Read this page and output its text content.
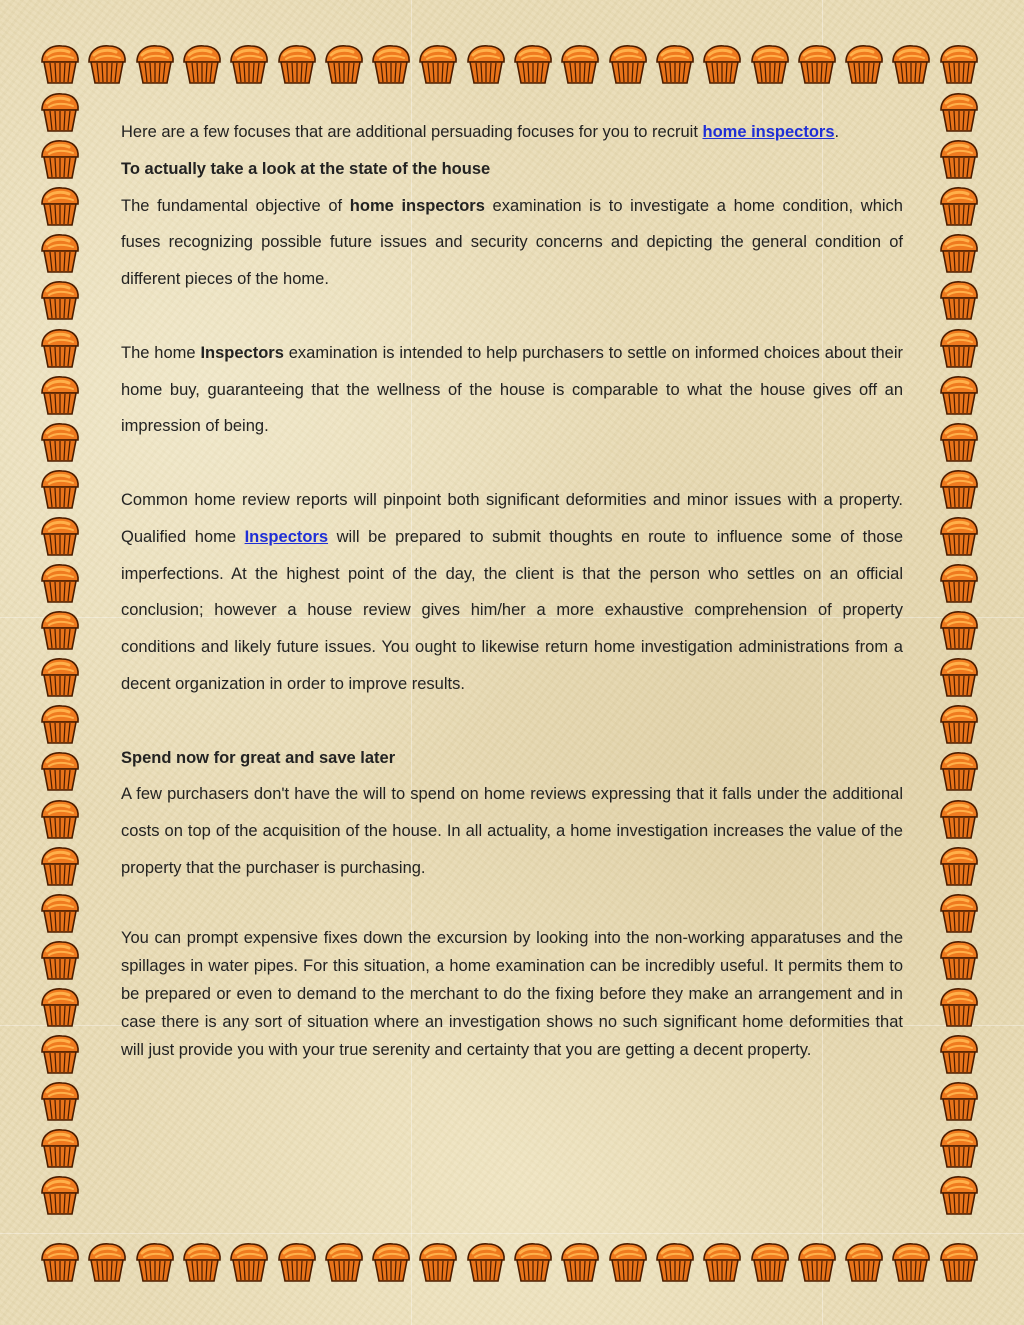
Here are a few focuses that are additional persuading focuses for you to recruit home inspectors.

To actually take a look at the state of the house

The fundamental objective of home inspectors examination is to investigate a home condition, which fuses recognizing possible future issues and security concerns and depicting the general condition of different pieces of the home.

The home Inspectors examination is intended to help purchasers to settle on informed choices about their home buy, guaranteeing that the wellness of the house is comparable to what the house gives off an impression of being.

Common home review reports will pinpoint both significant deformities and minor issues with a property. Qualified home Inspectors will be prepared to submit thoughts en route to influence some of those imperfections. At the highest point of the day, the client is that the person who settles on an official conclusion; however a house review gives him/her a more exhaustive comprehension of property conditions and likely future issues. You ought to likewise return home investigation administrations from a decent organization in order to improve results.

Spend now for great and save later

A few purchasers don't have the will to spend on home reviews expressing that it falls under the additional costs on top of the acquisition of the house. In all actuality, a home investigation increases the value of the property that the purchaser is purchasing.

You can prompt expensive fixes down the excursion by looking into the non-working apparatuses and the spillages in water pipes. For this situation, a home examination can be incredibly useful. It permits them to be prepared or even to demand to the merchant to do the fixing before they make an arrangement and in case there is any sort of situation where an investigation shows no such significant home deformities that will just provide you with your true serenity and certainty that you are getting a decent property.
